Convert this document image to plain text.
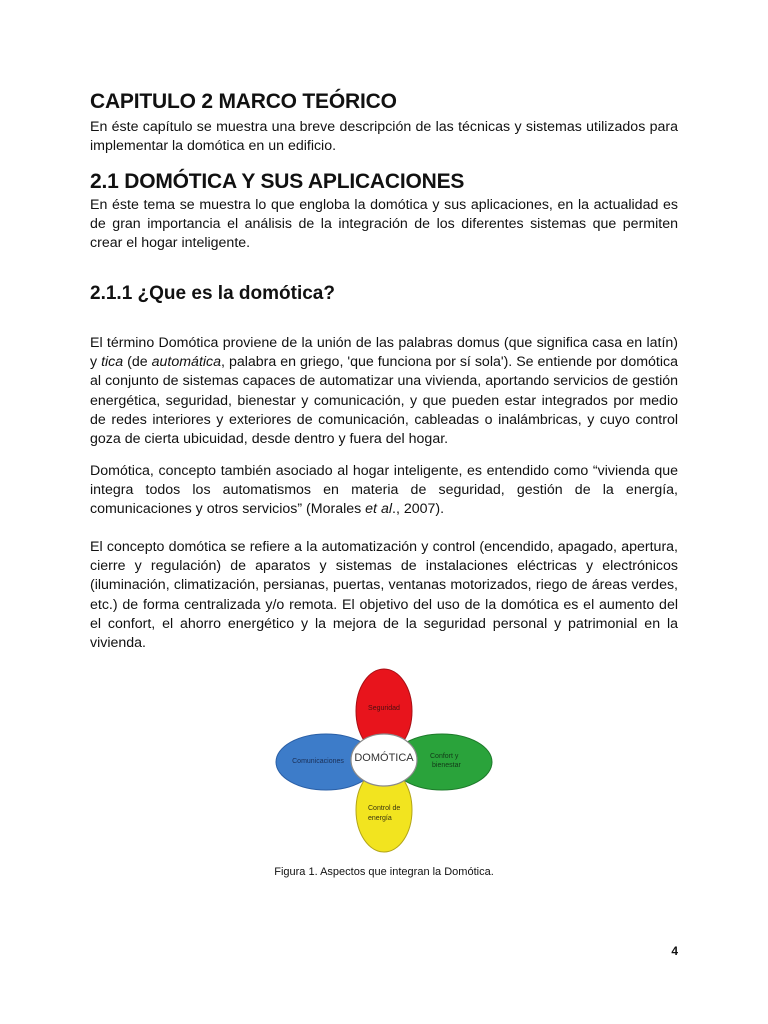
CAPITULO 2 MARCO TEÓRICO

En éste capítulo se muestra una breve descripción de las técnicas y sistemas utilizados para implementar la domótica en un edificio.

2.1 DOMÓTICA Y SUS APLICACIONES

En éste tema se muestra lo que engloba la domótica y sus aplicaciones, en la actualidad es de gran importancia el análisis de la integración de los diferentes sistemas que permiten crear el hogar inteligente.

2.1.1 ¿Que es la domótica?

El término Domótica proviene de la unión de las palabras domus (que significa casa en latín) y tica (de automática, palabra en griego, 'que funciona por sí sola'). Se entiende por domótica al conjunto de sistemas capaces de automatizar una vivienda, aportando servicios de gestión energética, seguridad, bienestar y comunicación, y que pueden estar integrados por medio de redes interiores y exteriores de comunicación, cableadas o inalámbricas, y cuyo control goza de cierta ubicuidad, desde dentro y fuera del hogar.

Domótica, concepto también asociado al hogar inteligente, es entendido como “vivienda que integra todos los automatismos en materia de seguridad, gestión de la energía, comunicaciones y otros servicios” (Morales et al., 2007).

El concepto domótica se refiere a la automatización y control (encendido, apagado, apertura, cierre y regulación) de aparatos y sistemas de instalaciones eléctricas y electrónicos (iluminación, climatización, persianas, puertas, ventanas motorizados, riego de áreas verdes, etc.) de forma centralizada y/o remota. El objetivo del uso de la domótica es el aumento del el confort, el ahorro energético y la mejora de la seguridad personal y patrimonial en la vivienda.

DOMÓTICA
Seguridad
Comunicaciones
Confort y
bienestar
Control de
energía
Figura 1. Aspectos que integran la Domótica.
4
